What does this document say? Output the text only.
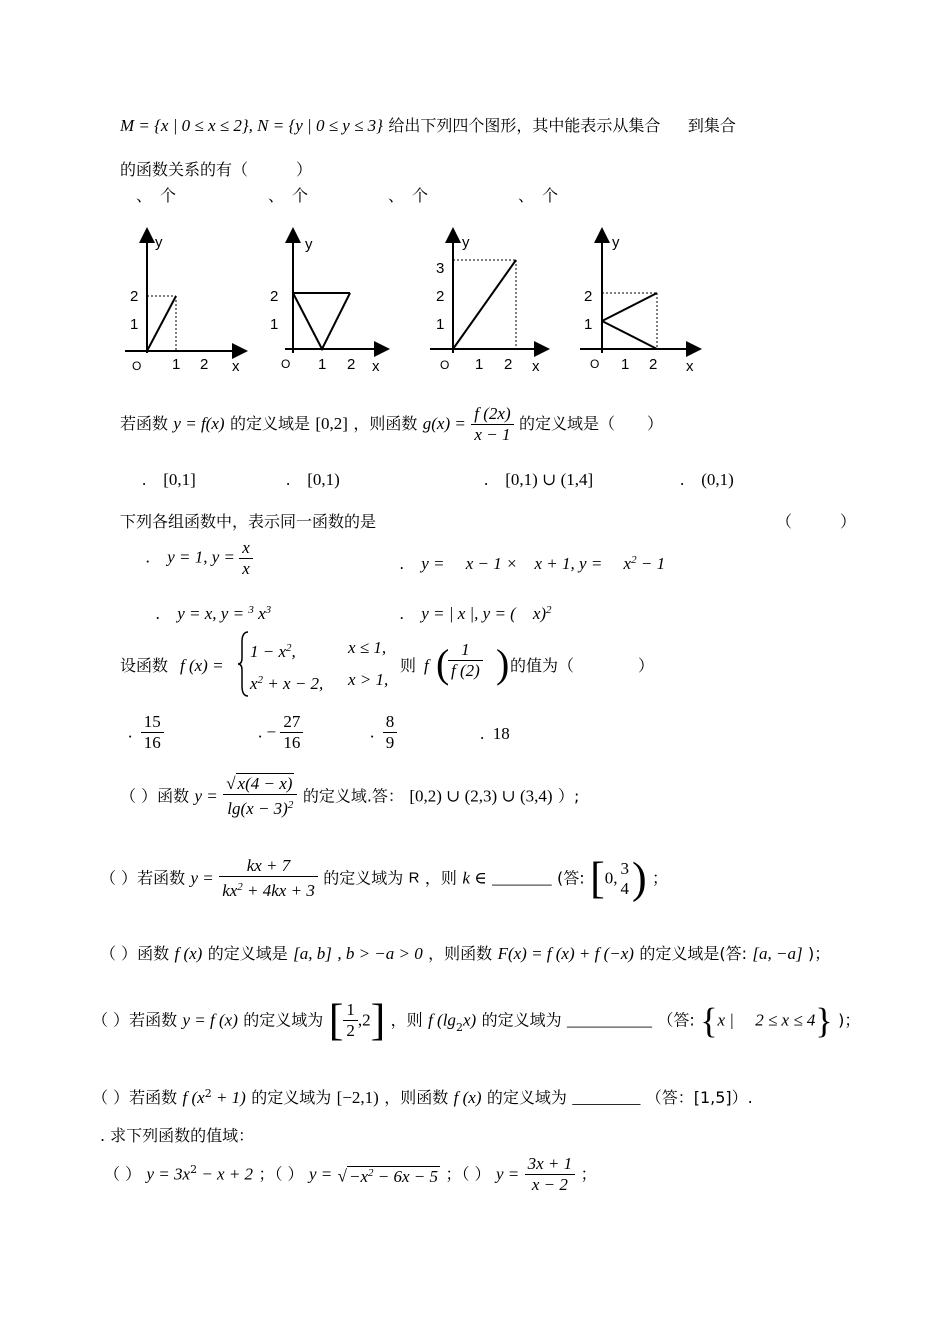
M = {x | 0 ≤ x ≤ 2}, N = {y | 0 ≤ y ≤ 3} 给出下列四个图形，其中能表示从集合 到集合
的函数关系的有（　　　）
、　个	、　个	、　个	、　个
y
x
O
2
1
1 2
y
x
O
2
1
1 2
y
x
O
3
2
1
1 2
y
x
O
2
1
1 2
若函数 y = f(x) 的定义域是 [0,2] ，则函数 $g(x) = \frac{f (2x)}{x - 1}$ 的定义域是（　　）
.　[0,1]	.　[0,1)	.　[0,1) ∪ (1,4]	.　(0,1)
下列各组函数中，表示同一函数的是	（　　　）
.　y = 1, $y = \frac{x}{x}$	.　y =　 x − 1 ×　x + 1, y =　 $x^2 - 1$
.　y = x, y = $^3$ $x^3$	.　y = | x |, y = (　x)$^2$
设函数 f (x) =
$1 - x^2$,	x ≤ 1,
$x^2 + x - 2$, x > 1,
则 f (
$\frac{1}{f (2)}$ ) 的值为（　　　　）
. $\frac{15}{16}$	. − $\frac{27}{16}$	. $\frac{8}{9}$	.  18
（ ）函数 $y = \frac{√ x(4 - x)}{\lg(x - 3)^2}$ 的定义域.答： [0,2) ∪ (2,3) ∪ (3,4) ）;
（ ）若函数 $y = \frac{kx + 7}{kx^2 + 4kx + 3}$ 的定义域为 R ，则 k ∈ _______ (答: [0,
3
4 ) ；
（ ）函数 f (x) 的定义域是 [a, b] , b > −a > 0 ，则函数 F(x) = f (x) + f (−x) 的定义域是(答: [a, −a] )；
（ ）若函数 y = f (x) 的定义域为 [ $\frac{1}{2} ,2$] ，则 f $(\lg_2x)$ 的定义域为 __________ （答: {x |　 2 ≤ x ≤ 4} )；
（ ）若函数 f $(x^2 + 1)$ 的定义域为 [−2,1) ，则函数 f (x) 的定义域为 ________ （答：[1,5]）.
. 求下列函数的值域：
（ ） $y = 3x^2 - x + 2$ ；（ ） y = √ $-x^2 - 6x - 5$ ；（ ） $y = \frac{3x + 1}{x - 2}$ ；
